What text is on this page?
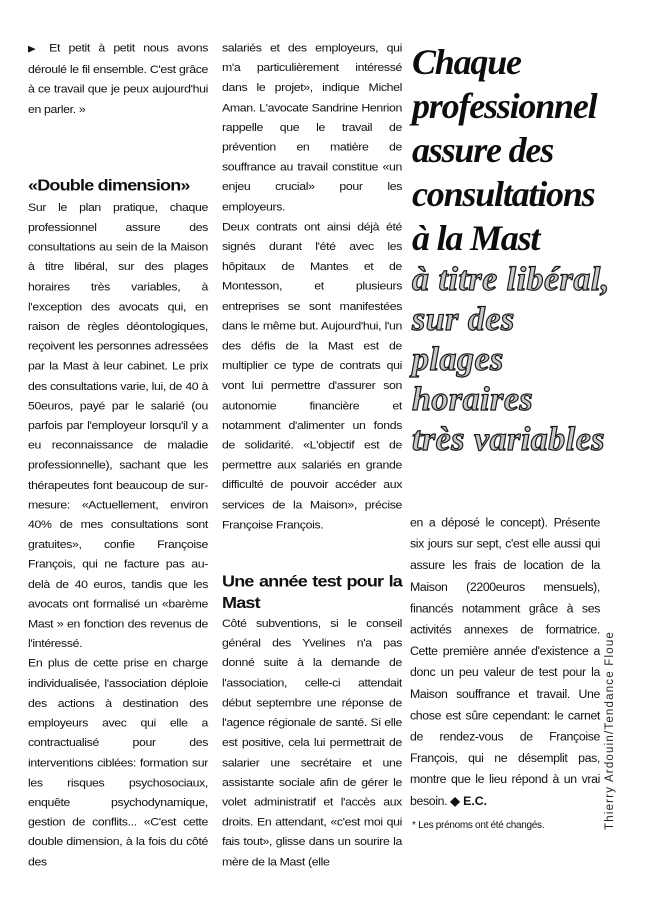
▶ Et petit à petit nous avons déroulé le fil ensemble. C'est grâce à ce travail que je peux aujourd'hui en parler. »

«Double dimension»

Sur le plan pratique, chaque professionnel assure des consultations au sein de la Maison à titre libéral, sur des plages horaires très variables, à l'exception des avocats qui, en raison de règles déontologiques, reçoivent les personnes adressées par la Mast à leur cabinet. Le prix des consultations varie, lui, de 40 à 50euros, payé par le salarié (ou parfois par l'employeur lorsqu'il y a eu reconnaissance de maladie professionnelle), sachant que les thérapeutes font beaucoup de sur-mesure: «Actuellement, environ 40% de mes consultations sont gratuites», confie Françoise François, qui ne facture pas au-delà de 40 euros, tandis que les avocats ont formalisé un «barème Mast » en fonction des revenus de l'intéressé.

En plus de cette prise en charge individualisée, l'association déploie des actions à destination des employeurs avec qui elle a contractualisé pour des interventions ciblées: formation sur les risques psychosociaux, enquête psychodynamique, gestion de conflits... «C'est cette double dimension, à la fois du côté des

salariés et des employeurs, qui m'a particulièrement intéressé dans le projet», indique Michel Aman. L'avocate Sandrine Henrion rappelle que le travail de prévention en matière de souffrance au travail constitue «un enjeu crucial» pour les employeurs.

Deux contrats ont ainsi déjà été signés durant l'été avec les hôpitaux de Mantes et de Montesson, et plusieurs entreprises se sont manifestées dans le même but. Aujourd'hui, l'un des défis de la Mast est de multiplier ce type de contrats qui vont lui permettre d'assurer son autonomie financière et notamment d'alimenter un fonds de solidarité. «L'objectif est de permettre aux salariés en grande difficulté de pouvoir accéder aux services de la Maison», précise Françoise François.

Une année test pour la Mast

Côté subventions, si le conseil général des Yvelines n'a pas donné suite à la demande de l'association, celle-ci attendait début septembre une réponse de l'agence régionale de santé. Si elle est positive, cela lui permettrait de salarier une secrétaire et une assistante sociale afin de gérer le volet administratif et l'accès aux droits. En attendant, «c'est moi qui fais tout», glisse dans un sourire la mère de la Mast (elle

Chaque

professionnel

assure des

consultations

à la Mast

à titre libéral,

sur des plages

horaires

très variables

en a déposé le concept). Présente six jours sur sept, c'est elle aussi qui assure les frais de location de la Maison (2200euros mensuels), financés notamment grâce à ses activités annexes de formatrice. Cette première année d'existence a donc un peu valeur de test pour la Maison souffrance et travail. Une chose est sûre cependant: le carnet de rendez-vous de Françoise François, qui ne désemplit pas, montre que le lieu répond à un vrai besoin. ◆ E.C.

* Les prénoms ont été changés.	Thierry Ardouin/Tendance Floue
